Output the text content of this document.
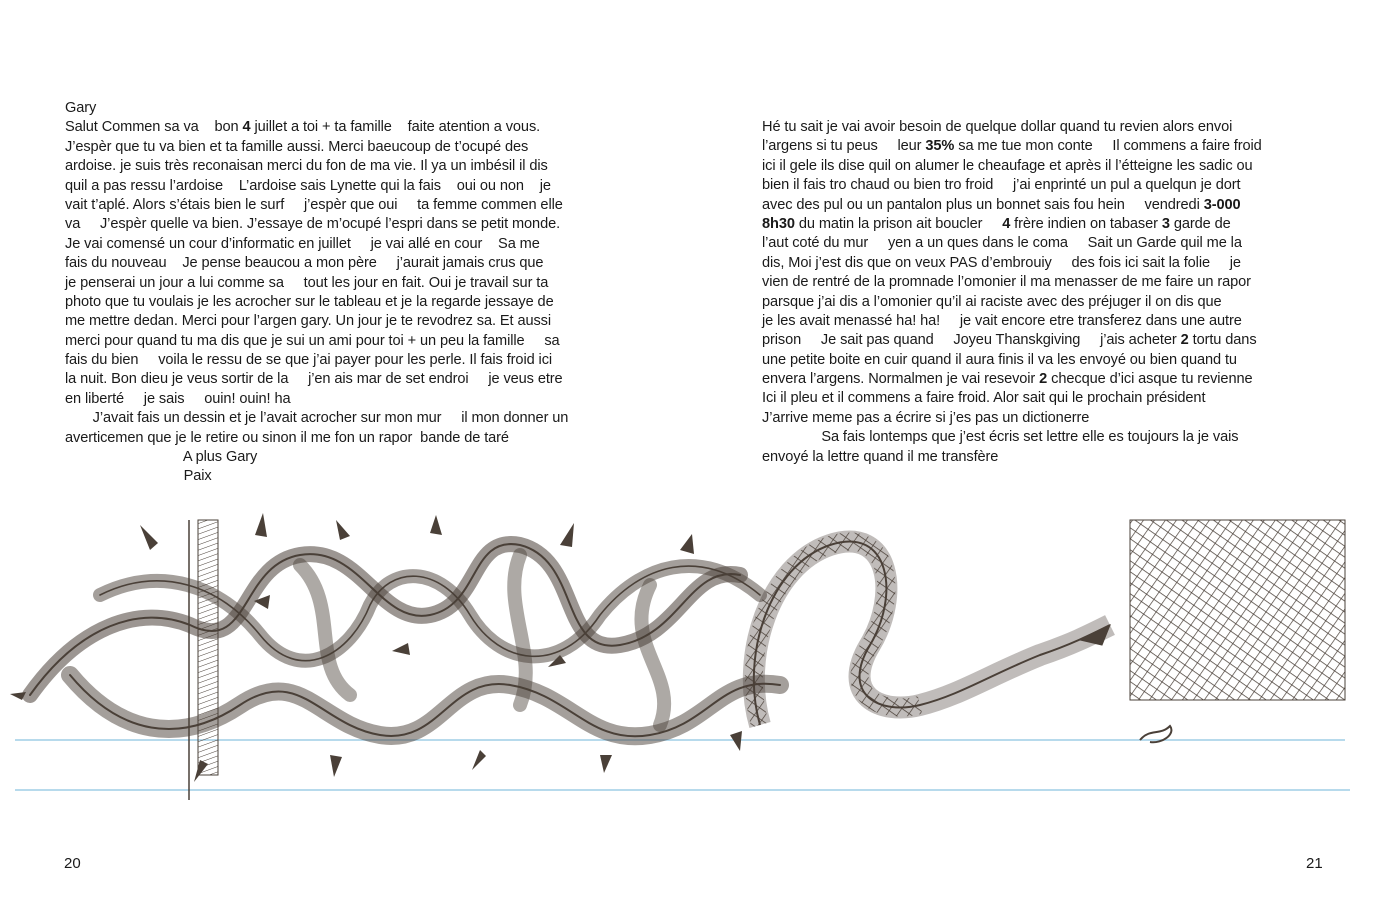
Gary
Salut Commen sa va    bon 4 juillet a toi + ta famille    faite atention a vous.
J’espèr que tu va bien et ta famille aussi. Merci baeucoup de t’ocupé des
ardoise. je suis très reconaisan merci du fon de ma vie. Il ya un imbésil il dis
quil a pas ressu l’ardoise    L’ardoise sais Lynette qui la fais    oui ou non    je
vait t’aplé. Alors s’étais bien le surf     j’espèr que oui     ta femme commen elle
va     J’espèr quelle va bien. J’essaye de m’ocupé l’espri dans se petit monde.
Je vai comensé un cour d’informatic en juillet     je vai allé en cour    Sa me
fais du nouveau    Je pense beaucou a mon père     j’aurait jamais crus que
je penserai un jour a lui comme sa     tout les jour en fait. Oui je travail sur ta
photo que tu voulais je les acrocher sur le tableau et je la regarde jessaye de
me mettre dedan. Merci pour l’argen gary. Un jour je te revodrez sa. Et aussi
merci pour quand tu ma dis que je sui un ami pour toi + un peu la famille     sa
fais du bien     voila le ressu de se que j’ai payer pour les perle. Il fais froid ici
la nuit. Bon dieu je veus sortir de la     j’en ais mar de set endroi     je veus etre
en liberté     je sais     ouin! ouin! ha
J’avait fais un dessin et je l’avait acrocher sur mon mur     il mon donner un
averticemen que je le retire ou sinon il me fon un rapor  bande de taré
A plus Gary
Paix
Hé tu sait je vai avoir besoin de quelque dollar quand tu revien alors envoi
l’argens si tu peus     leur 35% sa me tue mon conte     Il commens a faire froid
ici il gele ils dise quil on alumer le cheaufage et après il l’étteigne les sadic ou
bien il fais tro chaud ou bien tro froid     j’ai enprinté un pul a quelqun je dort
avec des pul ou un pantalon plus un bonnet sais fou hein     vendredi 3-000
8h30 du matin la prison ait boucler     4 frère indien on tabaser 3 garde de
l’aut coté du mur     yen a un ques dans le coma     Sait un Garde quil me la
dis, Moi j’est dis que on veux PAS d’embrouiy     des fois ici sait la folie     je
vien de rentré de la promnade l’omonier il ma menasser de me faire un rapor
parsque j’ai dis a l’omonier qu’il ai raciste avec des préjuger il on dis que
je les avait menassé ha! ha!     je vait encore etre transferez dans une autre
prison     Je sait pas quand     Joyeu Thanskgiving     j’ais acheter 2 tortu dans
une petite boite en cuir quand il aura finis il va les envoyé ou bien quand tu
envera l’argens. Normalmen je vai resevoir 2 checque d’ici asque tu revienne
Ici il pleu et il commens a faire froid. Alor sait qui le prochain président
J’arrive meme pas a écrire si j’es pas un dictionerre
Sa fais lontemps que j’est écris set lettre elle es toujours la je vais
envoyé la lettre quand il me transfère
20	21
